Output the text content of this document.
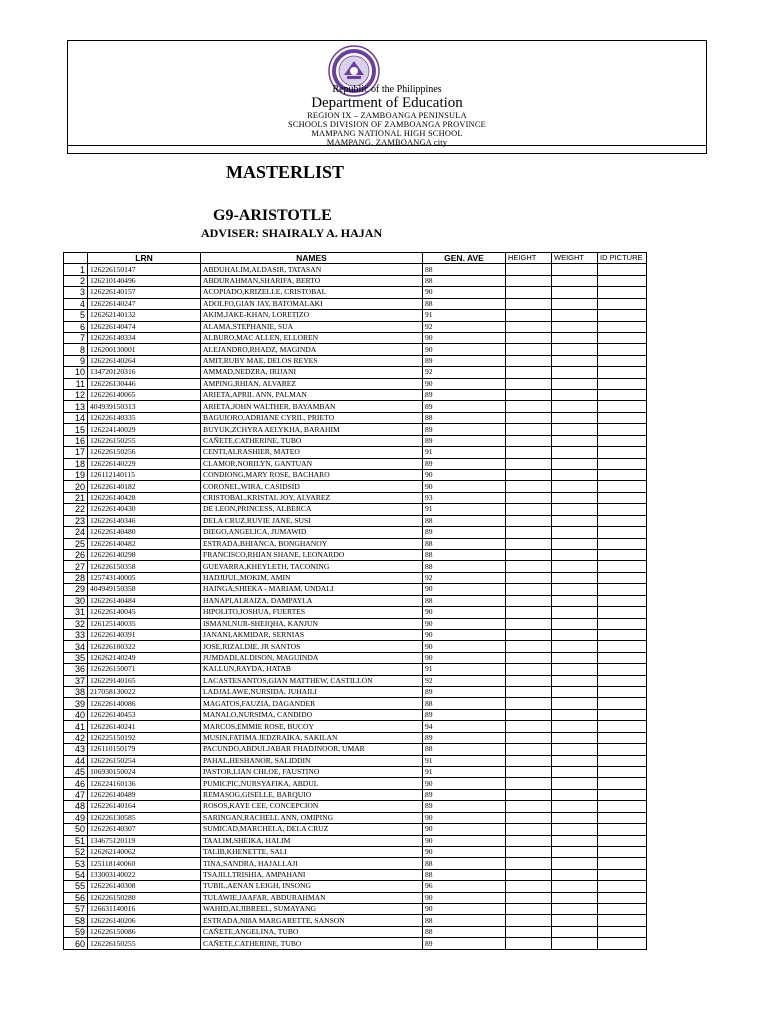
Republic of the Philippines
Department of Education
REGION IX – ZAMBOANGA PENINSULA
SCHOOLS DIVISION OF ZAMBOANGA PROVINCE
MAMPANG NATIONAL HIGH SCHOOL
MAMPANG, ZAMBOANGA city
MASTERLIST
G9-ARISTOTLE
ADVISER: SHAIRALY A. HAJAN
	LRN	NAMES	GEN. AVE	HEIGHT	WEIGHT	ID PICTURE
1	126226150147	ABDUHALIM,ALDASIR, TATASAN	88			
2	126210140496	ABDURAHMAN,SHARIFA, BERTO	88			
3	126226140157	ACOPIADO,KRIZELLE, CRISTOBAL	90			
4	126226140247	ADOLFO,GIAN JAY, BATOMALAKI	88			
5	126262140132	AKIM,JAKE-KHAN, LORETIZO	91			
6	126226140474	ALAMA,STEPHANIE, SUA	92			
7	126226140334	ALBURO,MAC ALLEN, ELLOREN	90			
8	126200130001	ALEJANDRO,RHADZ, MAGINDA	90			
9	126226140264	AMIT,RUBY MAE, DELOS REYES	89			
10	134720120316	AMMAD,NEDZRA, IRIJANI	92			
11	126226130446	AMPING,RHIAN, ALVAREZ	90			
12	126226140065	ARIETA,APRIL ANN, PALMAN	89			
13	404939150313	ARIETA,JOHN WALTHER, BAYAMBAN	89			
14	126226140335	BAGUIORO,ADRIANE CYRIL, PRIETO	88			
15	126224140029	BUYUK,ZCHYRA AELYKHA, BARAHIM	89			
16	126226150255	CAÑETE,CATHERINE, TUBO	89			
17	126226150256	CENTI,ALRASHIER, MATEO	91			
18	126226140229	CLAMOR,NORILYN, GANTUAN	89			
19	126112140115	CONDIONG,MARY ROSE, BACHARO	90			
20	126226140182	CORONEL,WIRA, CASIDSID	90			
21	126226140428	CRISTOBAL,KRISTAL JOY, ALVAREZ	93			
22	126226140430	DE LEON,PRINCESS, ALBERCA	91			
23	126226140346	DELA CRUZ,RUVIE JANE, SUSI	88			
24	126226140480	DIEGO,ANGELICA, JUMAWID	89			
25	126226140482	ESTRADA,BHIANCA, BONGHANOY	88			
26	126226140298	FRANCISCO,RHIAN SHANE, LEONARDO	88			
27	126226150358	GUEVARRA,KHEYLETH, TACONING	88			
28	125743140005	HADJIJUL,MOKIM, AMIN	92			
29	404949150358	HAINGA,SHIEKA - MARIAM, UNDALI	90			
30	126226140484	HANAPI,ALRAIZA, DAMPAYLA	88			
31	126226140045	HIPOLITO,JOSHUA, FUERTES	90			
32	126125140035	ISMANI,NUR-SHEIQHA, KANJUN	90			
33	126226140391	JANANI,AKMIDAR, SERNIAS	90			
34	126226100322	JOSE,RIZALDIE, JR SANTOS	90			
35	126262140249	JUMDADI,ALDISON, MAGUINDA	90			
36	126226150071	KALLUN,RAYDA, HATAB	91			
37	126229140165	LACASTESANTOS,GIAN MATTHEW, CASTILLON	92			
38	217058130022	LADJALAWE,NURSIDA, JUHAILI	89			
39	126226140086	MAGATOS,FAUZIA, DAGANDER	88			
40	126226140453	MANALO,NURSIMA, CANDIDO	89			
41	126226140241	MARCOS,EMMIE ROSE, BUCOY	94			
42	126225150192	MUSIN,FATIMA JEDZRAIKA, SAKILAN	89			
43	126110150179	PACUNDO,ABDULJABAR FHADJNOOR, UMAR	88			
44	126226150254	PAHAL,HESHANOR, SALIDDIN	91			
45	106930150024	PASTOR,LIAN CHLOE, FAUSTINO	91			
46	126224160136	PUMICPIC,NURSYAFIKA, ABDUL	90			
47	126226140489	REMASOG,GISELLE, BARQUIO	89			
48	126226140164	ROSOS,KAYE CEE, CONCEPCION	89			
49	126226130585	SARINGAN,RACHELL ANN, OMIPING	90			
50	126226140307	SUMICAD,MARCHELA, DELA CRUZ	90			
51	134675120119	TAALIM,SHEIKA, HALIM	90			
52	126262140062	TALIB,KHENETTE, SALI	90			
53	125118140060	TINA,SANDRA, HAJALLAJI	88			
54	133003140022	TSAJILI,TRISHIA, AMPAHANI	88			
55	126226140308	TUBIL,AENAN LEIGH, INSONG	96			
56	126226150280	TULAWIE,JAAFAR, ABDURAHMAN	90			
57	126631140016	WAHID,ALJIBREEL, SUMAYANG	90			
58	126226140206	ESTRADA,NIñA MARGARETTE, SANSON	88			
59	126226150086	CAÑETE,ANGELINA, TUBO	88			
60	126226150255	CAÑETE,CATHERINE, TUBO	89			
